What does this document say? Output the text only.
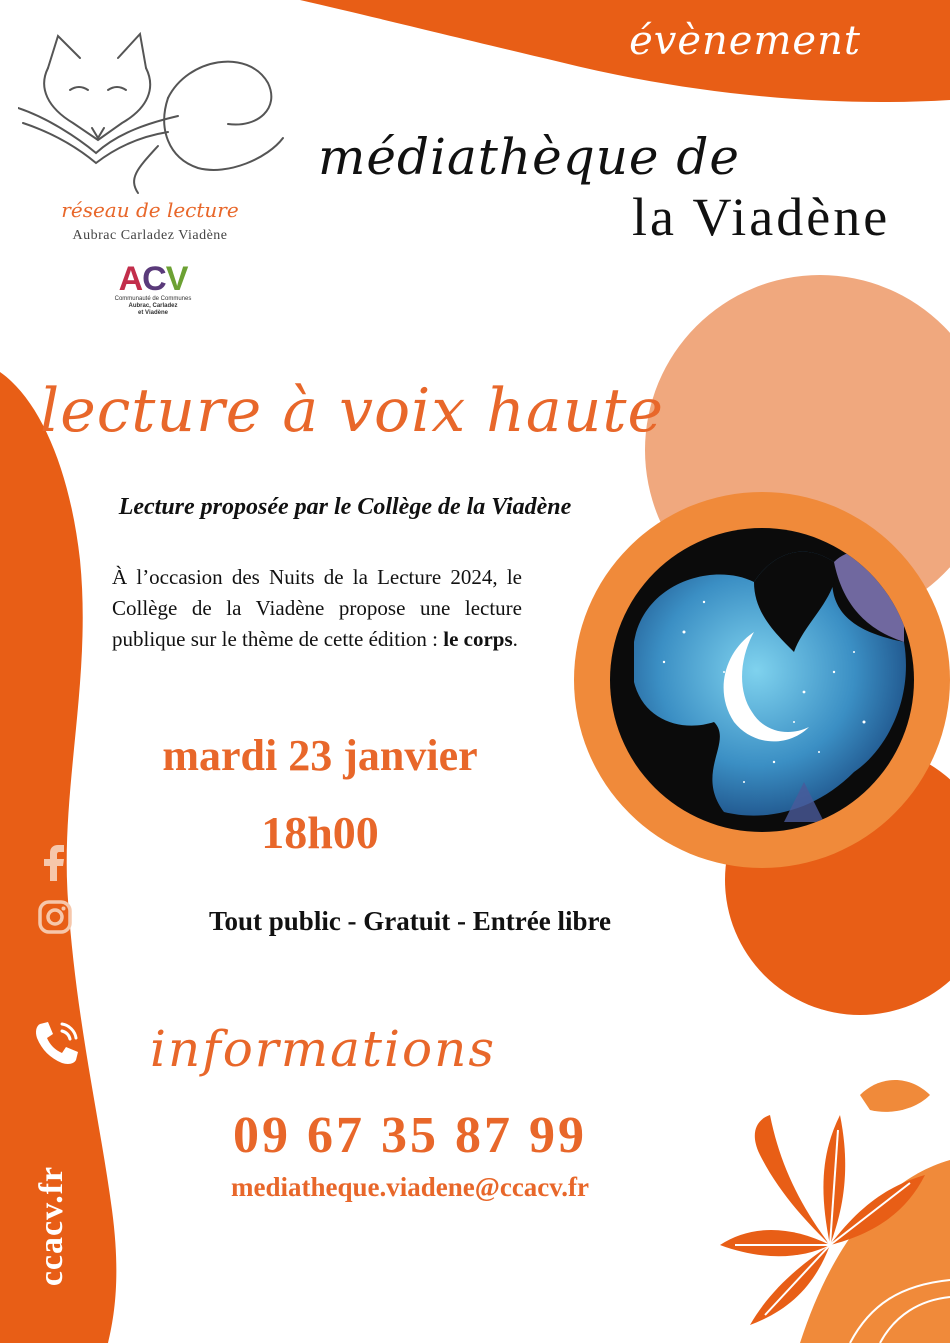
évènement
réseau de lecture
Aubrac Carladez Viadène
ACV
Communauté de Communes
Aubrac, Carladez
et Viadène
médiathèque de
la Viadène
lecture à voix haute
Lecture proposée par le Collège de la Viadène
À l’occasion des Nuits de la Lecture 2024, le Collège de la Viadène propose une lecture publique sur le thème de cette édition : le corps.
mardi 23 janvier
18h00
Tout public - Gratuit - Entrée libre
ccacv.fr
informations
09 67 35 87 99
mediatheque.viadene@ccacv.fr
